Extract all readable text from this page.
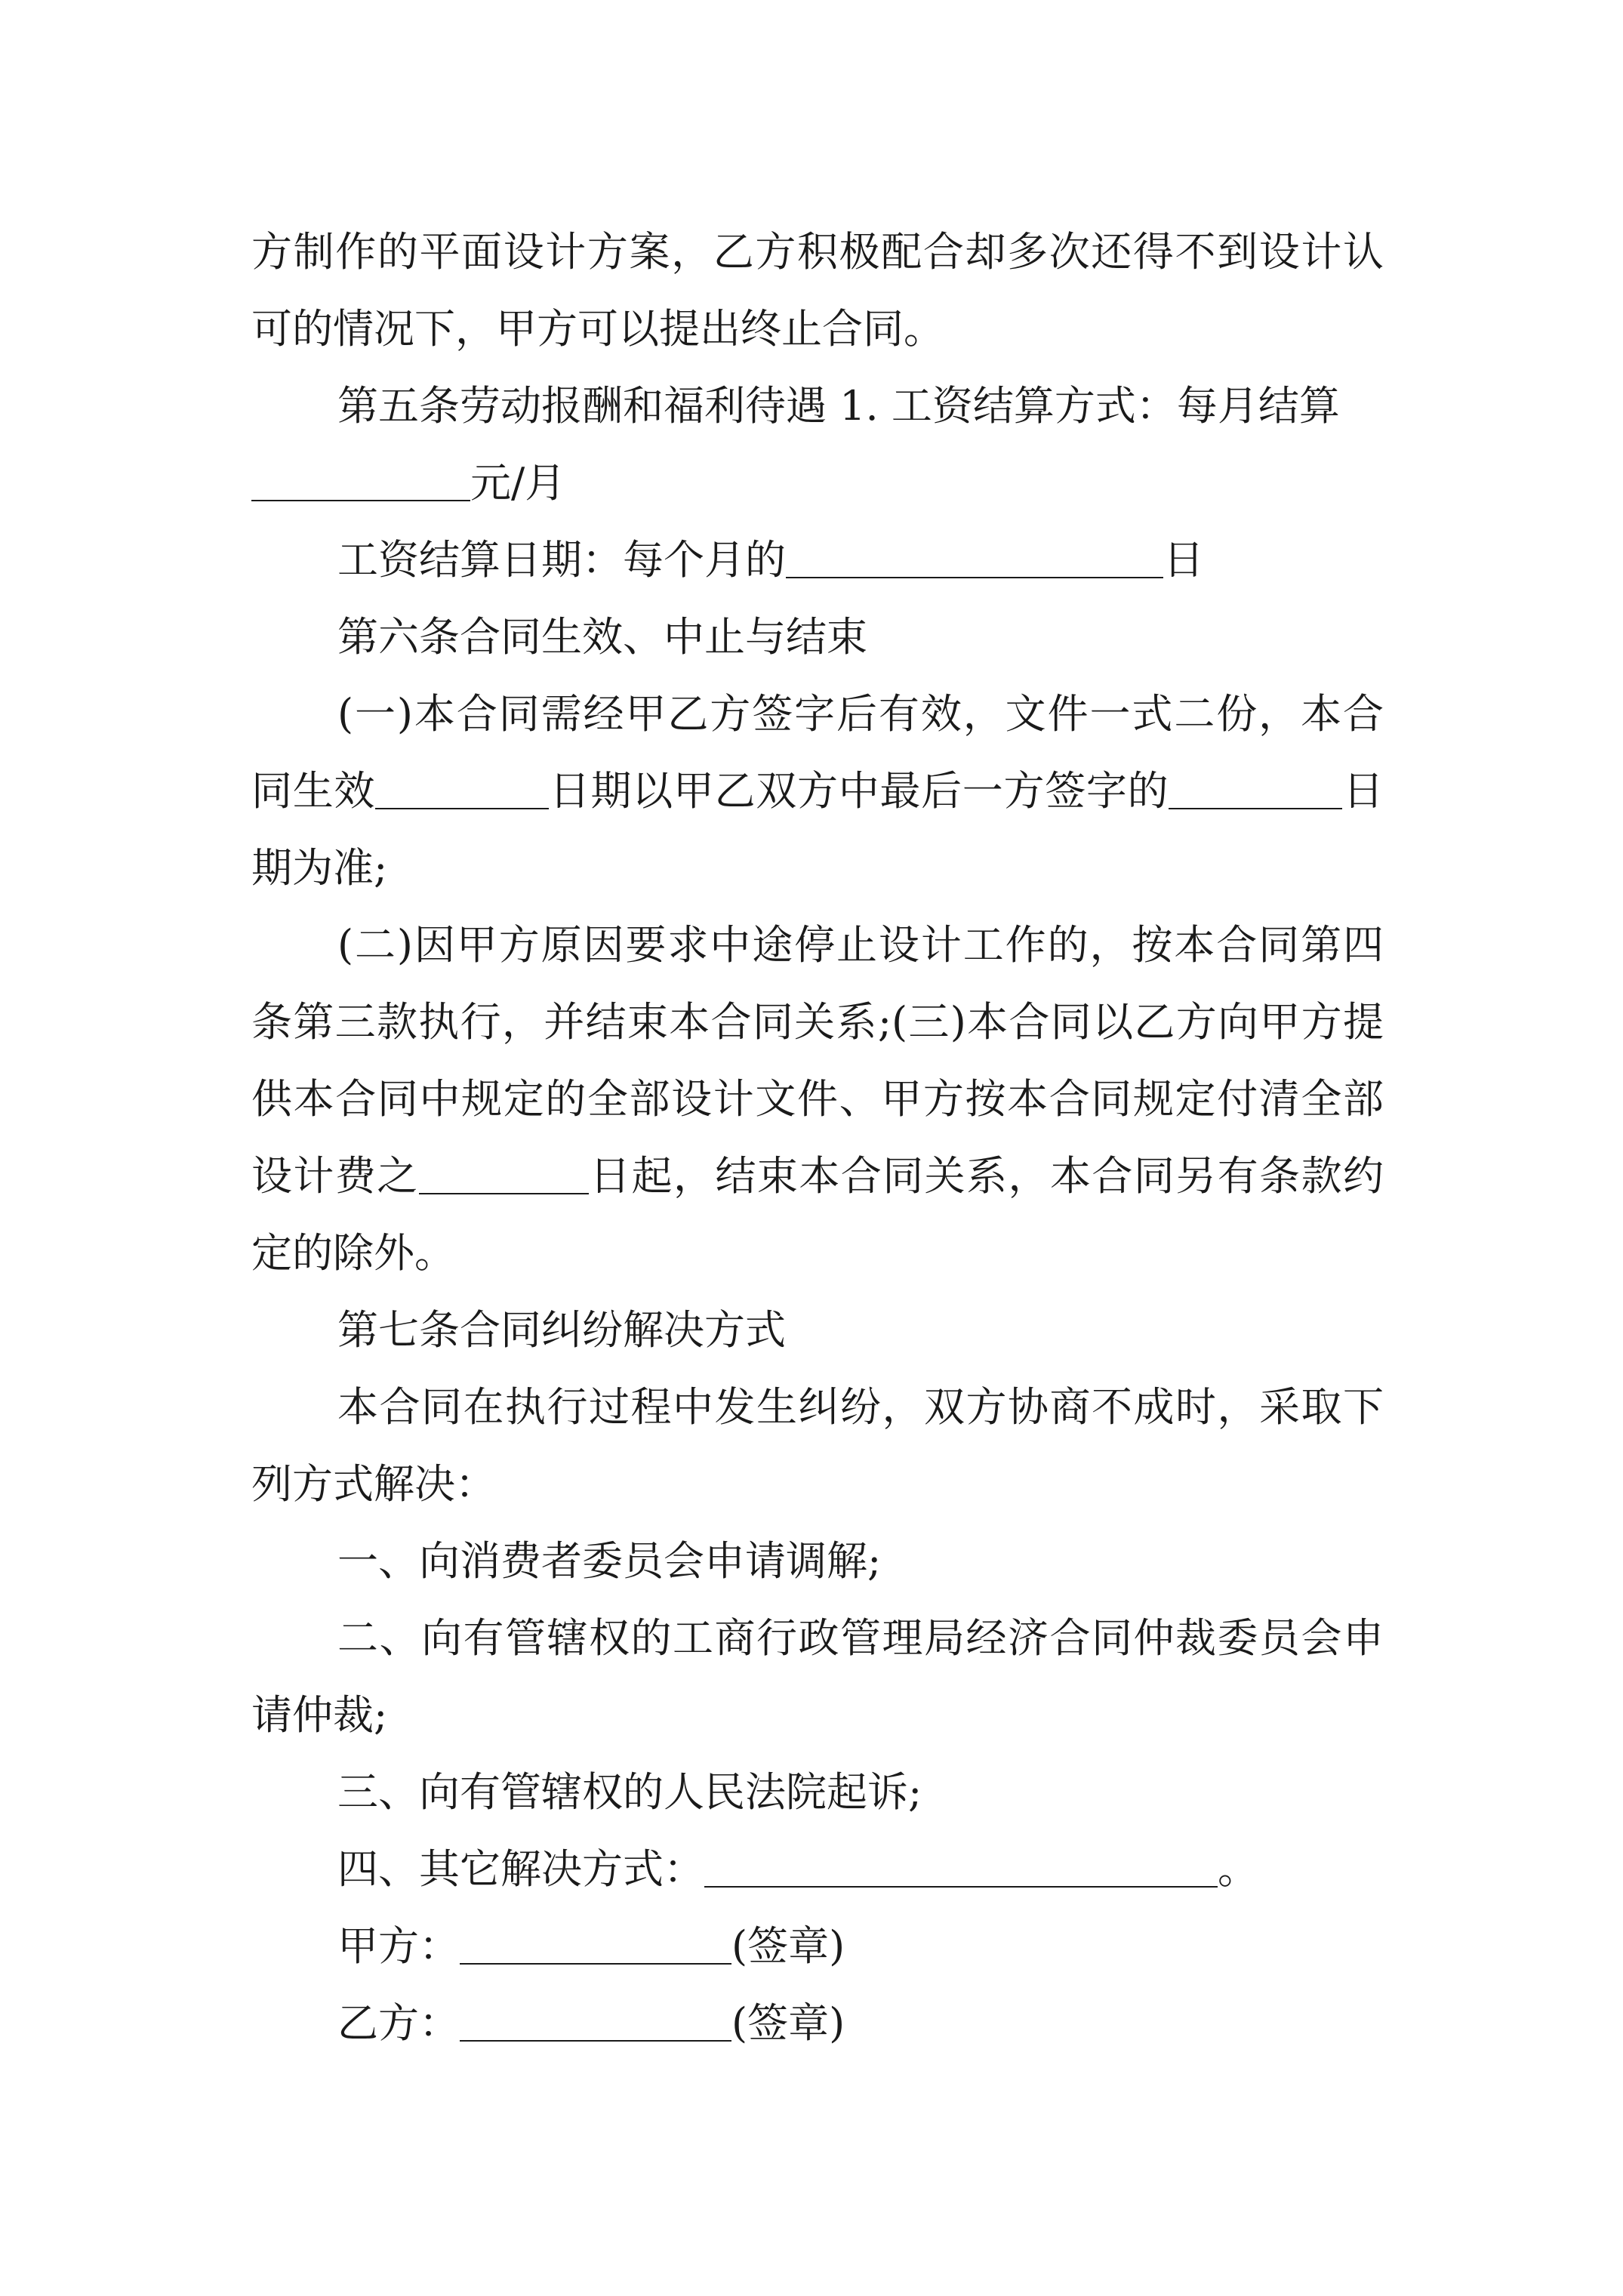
方制作的平面设计方案，乙方积极配合却多次还得不到设计认可的情况下，甲方可以提出终止合同。

第五条劳动报酬和福利待遇 1. 工资结算方式：每月结算
元/月

工资结算日期：每个月的	日

第六条合同生效、中止与结束

(一)本合同需经甲乙方签字后有效，文件一式二份，本合同生效	日期以甲乙双方中最后一方签字的	日期为准;

(二)因甲方原因要求中途停止设计工作的，按本合同第四条第三款执行，并结束本合同关系;(三)本合同以乙方向甲方提供本合同中规定的全部设计文件、甲方按本合同规定付清全部设计费之	日起，结束本合同关系，本合同另有条款约定的除外。

第七条合同纠纷解决方式

本合同在执行过程中发生纠纷，双方协商不成时，采取下列方式解决：

一、向消费者委员会申请调解;

二、向有管辖权的工商行政管理局经济合同仲裁委员会申请仲裁;

三、向有管辖权的人民法院起诉;

四、其它解决方式：	。

甲方：	(签章)

乙方：	(签章)
